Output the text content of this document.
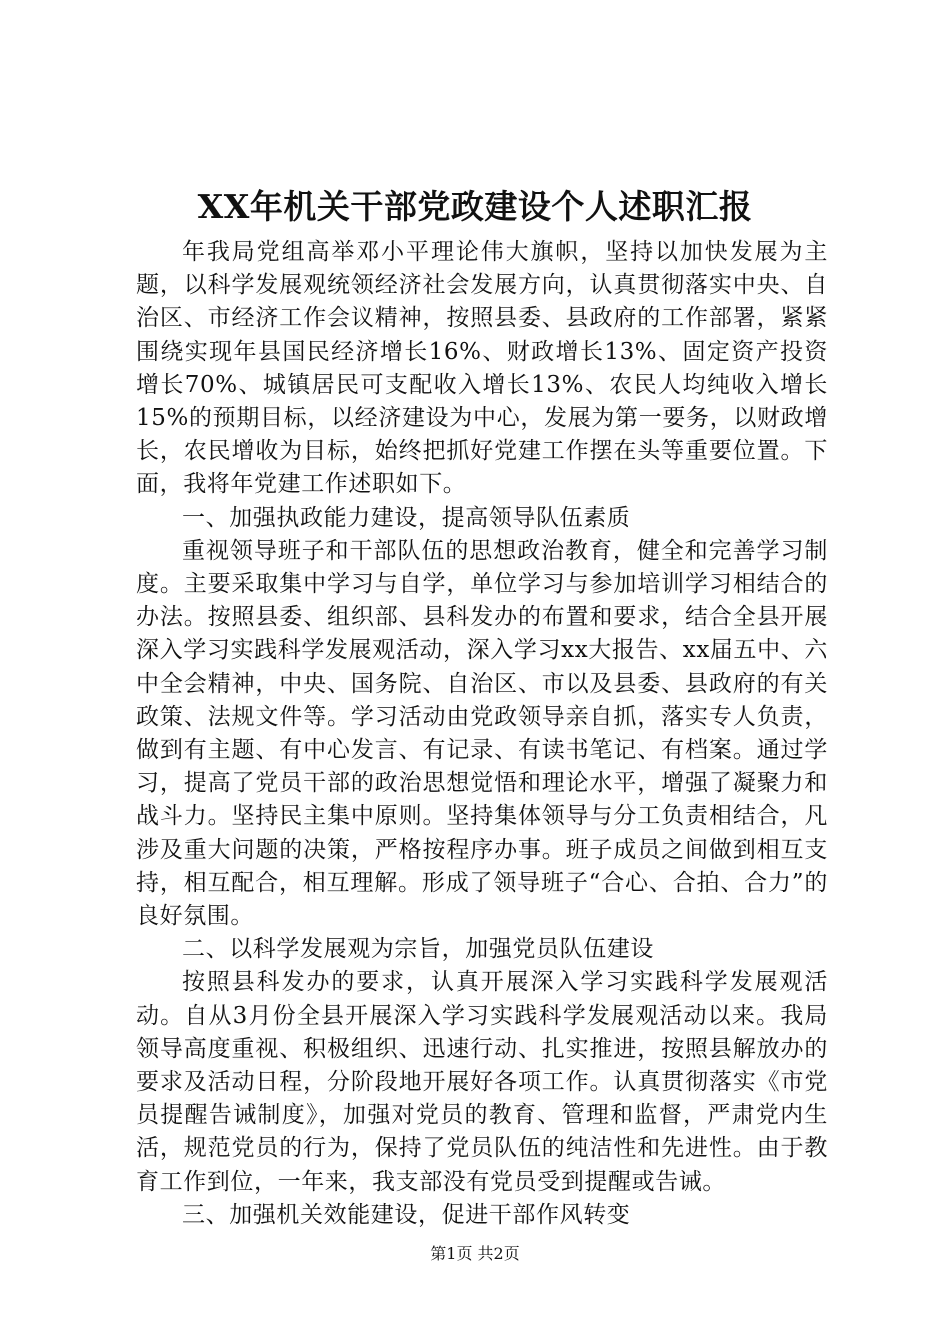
XX年机关干部党政建设个人述职汇报

年我局党组高举邓小平理论伟大旗帜，坚持以加快发展为主题，以科学发展观统领经济社会发展方向，认真贯彻落实中央、自治区、市经济工作会议精神，按照县委、县政府的工作部署，紧紧围绕实现年县国民经济增长16%、财政增长13%、固定资产投资增长70%、城镇居民可支配收入增长13%、农民人均纯收入增长15%的预期目标，以经济建设为中心，发展为第一要务，以财政增长，农民增收为目标，始终把抓好党建工作摆在头等重要位置。下面，我将年党建工作述职如下。

一、加强执政能力建设，提高领导队伍素质

重视领导班子和干部队伍的思想政治教育，健全和完善学习制度。主要采取集中学习与自学，单位学习与参加培训学习相结合的办法。按照县委、组织部、县科发办的布置和要求，结合全县开展深入学习实践科学发展观活动，深入学习xx大报告、xx届五中、六中全会精神，中央、国务院、自治区、市以及县委、县政府的有关政策、法规文件等。学习活动由党政领导亲自抓，落实专人负责，做到有主题、有中心发言、有记录、有读书笔记、有档案。通过学习，提高了党员干部的政治思想觉悟和理论水平，增强了凝聚力和战斗力。坚持民主集中原则。坚持集体领导与分工负责相结合，凡涉及重大问题的决策，严格按程序办事。班子成员之间做到相互支持，相互配合，相互理解。形成了领导班子“合心、合拍、合力”的良好氛围。

二、以科学发展观为宗旨，加强党员队伍建设

按照县科发办的要求，认真开展深入学习实践科学发展观活动。自从3月份全县开展深入学习实践科学发展观活动以来。我局领导高度重视、积极组织、迅速行动、扎实推进，按照县解放办的要求及活动日程，分阶段地开展好各项工作。认真贯彻落实《市党员提醒告诫制度》，加强对党员的教育、管理和监督，严肃党内生活，规范党员的行为，保持了党员队伍的纯洁性和先进性。由于教育工作到位，一年来，我支部没有党员受到提醒或告诫。

三、加强机关效能建设，促进干部作风转变

第1页 共2页
